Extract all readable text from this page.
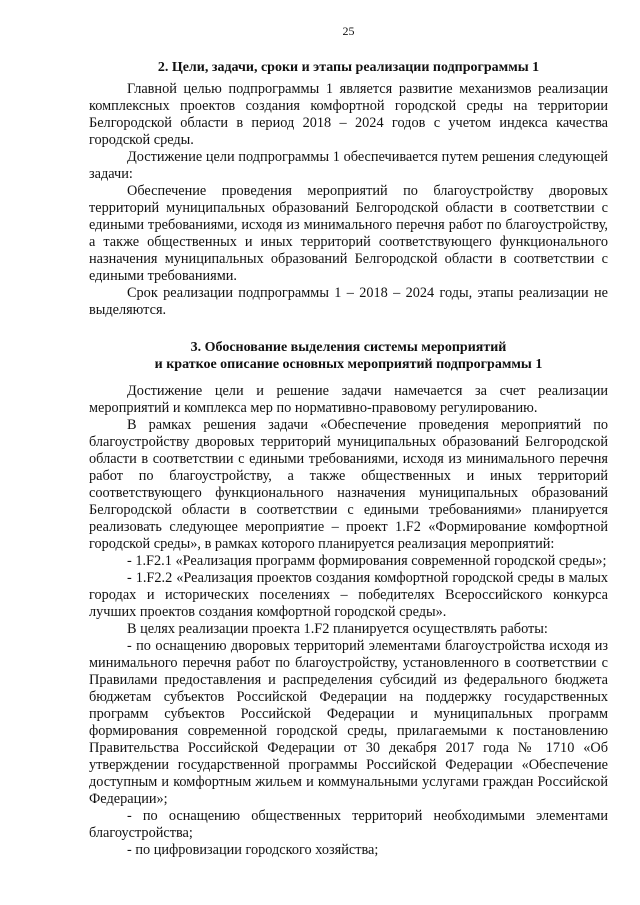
25
2. Цели, задачи, сроки и этапы реализации подпрограммы 1

Главной целью подпрограммы 1 является развитие механизмов реализации комплексных проектов создания комфортной городской среды на территории Белгородской области в период 2018 – 2024 годов с учетом индекса качества городской среды.

Достижение цели подпрограммы 1 обеспечивается путем решения следующей задачи:

Обеспечение проведения мероприятий по благоустройству дворовых территорий муниципальных образований Белгородской области в соответствии с едиными требованиями, исходя из минимального перечня работ по благоустройству, а также общественных и иных территорий соответствующего функционального назначения муниципальных образований Белгородской области в соответствии с едиными требованиями.

Срок реализации подпрограммы 1 – 2018 – 2024 годы, этапы реализации не выделяются.

3. Обоснование выделения системы мероприятий
и краткое описание основных мероприятий подпрограммы 1

Достижение цели и решение задачи намечается за счет реализации мероприятий и комплекса мер по нормативно-правовому регулированию.

В рамках решения задачи «Обеспечение проведения мероприятий по благоустройству дворовых территорий муниципальных образований Белгородской области в соответствии с едиными требованиями, исходя из минимального перечня работ по благоустройству, а также общественных и иных территорий соответствующего функционального назначения муниципальных образований Белгородской области в соответствии с едиными требованиями» планируется реализовать следующее мероприятие – проект 1.F2 «Формирование комфортной городской среды», в рамках которого планируется реализация мероприятий:

- 1.F2.1 «Реализация программ формирования современной городской среды»;

- 1.F2.2 «Реализация проектов создания комфортной городской среды в малых городах и исторических поселениях – победителях Всероссийского конкурса лучших проектов создания комфортной городской среды».

В целях реализации проекта 1.F2 планируется осуществлять работы:

- по оснащению дворовых территорий элементами благоустройства исходя из минимального перечня работ по благоустройству, установленного в соответствии с Правилами предоставления и распределения субсидий из федерального бюджета бюджетам субъектов Российской Федерации на поддержку государственных программ субъектов Российской Федерации и муниципальных программ формирования современной городской среды, прилагаемыми к постановлению Правительства Российской Федерации от 30 декабря 2017 года № 1710 «Об утверждении государственной программы Российской Федерации «Обеспечение доступным и комфортным жильем и коммунальными услугами граждан Российской Федерации»;

- по оснащению общественных территорий необходимыми элементами благоустройства;

- по цифровизации городского хозяйства;
